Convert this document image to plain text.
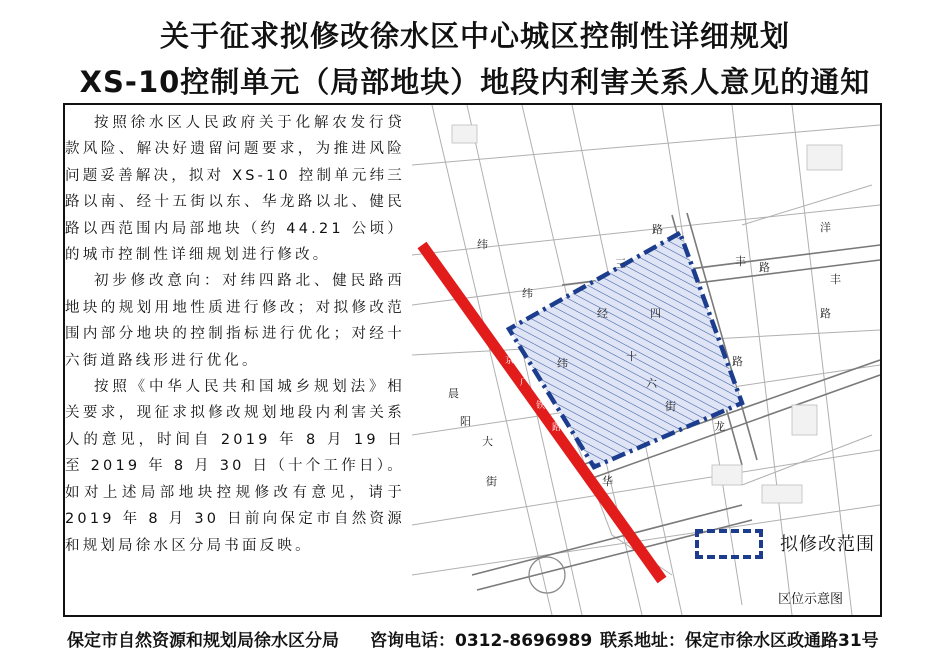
关于征求拟修改徐水区中心城区控制性详细规划
XS-10控制单元（局部地块）地段内利害关系人意见的通知

按照徐水区人民政府关于化解农发行贷款风险、解决好遗留问题要求，为推进风险问题妥善解决，拟对 XS-10 控制单元纬三路以南、经十五街以东、华龙路以北、健民路以西范围内局部地块（约 44.21 公顷）的城市控制性详细规划进行修改。

初步修改意向：对纬四路北、健民路西地块的规划用地性质进行修改；对拟修改范围内部分地块的控制指标进行优化；对经十六街道路线形进行优化。

按照《中华人民共和国城乡规划法》相关要求，现征求拟修改规划地段内利害关系人的意见，时间自 2019 年 8 月 19 日至 2019 年 8 月 30 日（十个工作日）。如对上述局部地块控规修改有意见，请于 2019 年 8 月 30 日前向保定市自然资源和规划局徐水区分局书面反映。

路
三
纬
经
十
六
街
纬
四
路
华
龙
丰 路
洋
丰
路
晨
阳
大
街
京
广
铁
路
纬
拟修改范围
区位示意图
保定市自然资源和规划局徐水区分局 咨询电话：0312-8696989 联系地址：保定市徐水区政通路31号
